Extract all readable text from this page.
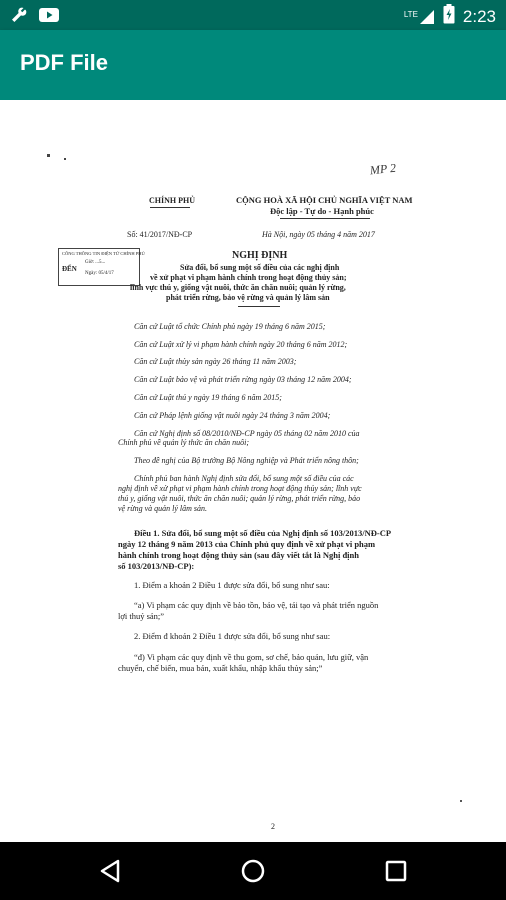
LTE	2:23
PDF File
MP 2
CHÍNH PHỦ	CỘNG HOÀ XÃ HỘI CHỦ NGHĨA VIỆT NAM
Độc lập - Tự do - Hạnh phúc
Số: 41/2017/NĐ-CP	Hà Nội, ngày 05 tháng 4 năm 2017
CÔNG THÔNG TIN ĐIỆN TỬ CHÍNH PHỦ
ĐẾN
Giờ: ...5...
Ngày: 05/4/17
NGHỊ ĐỊNH
Sửa đổi, bổ sung một số điều của các nghị định
về xử phạt vi phạm hành chính trong hoạt động thủy sản;
lĩnh vực thú y, giống vật nuôi, thức ăn chăn nuôi; quản lý rừng,
phát triển rừng, bảo vệ rừng và quản lý lâm sản
Căn cứ Luật tổ chức Chính phủ ngày 19 tháng 6 năm 2015;
Căn cứ Luật xử lý vi phạm hành chính ngày 20 tháng 6 năm 2012;
Căn cứ Luật thủy sản ngày 26 tháng 11 năm 2003;
Căn cứ Luật bảo vệ và phát triển rừng ngày 03 tháng 12 năm 2004;
Căn cứ Luật thú y ngày 19 tháng 6 năm 2015;
Căn cứ Pháp lệnh giống vật nuôi ngày 24 tháng 3 năm 2004;
Căn cứ Nghị định số 08/2010/NĐ-CP ngày 05 tháng 02 năm 2010 của
Chính phủ về quản lý thức ăn chăn nuôi;
Theo đề nghị của Bộ trưởng Bộ Nông nghiệp và Phát triển nông thôn;
Chính phủ ban hành Nghị định sửa đổi, bổ sung một số điều của các
nghị định về xử phạt vi phạm hành chính trong hoạt động thủy sản; lĩnh vực
thú y, giống vật nuôi, thức ăn chăn nuôi; quản lý rừng, phát triển rừng, bảo
vệ rừng và quản lý lâm sản.
Điều 1. Sửa đổi, bổ sung một số điều của Nghị định số 103/2013/NĐ-CP
ngày 12 tháng 9 năm 2013 của Chính phủ quy định về xử phạt vi phạm
hành chính trong hoạt động thủy sản (sau đây viết tắt là Nghị định
số 103/2013/NĐ-CP):
1. Điểm a khoản 2 Điều 1 được sửa đổi, bổ sung như sau:
“a) Vi phạm các quy định về bảo tồn, bảo vệ, tái tạo và phát triển nguồn
lợi thuỷ sản;”
2. Điểm đ khoản 2 Điều 1 được sửa đổi, bổ sung như sau:
“đ) Vi phạm các quy định về thu gom, sơ chế, bảo quản, lưu giữ, vận
chuyển, chế biến, mua bán, xuất khẩu, nhập khẩu thủy sản;”
2
